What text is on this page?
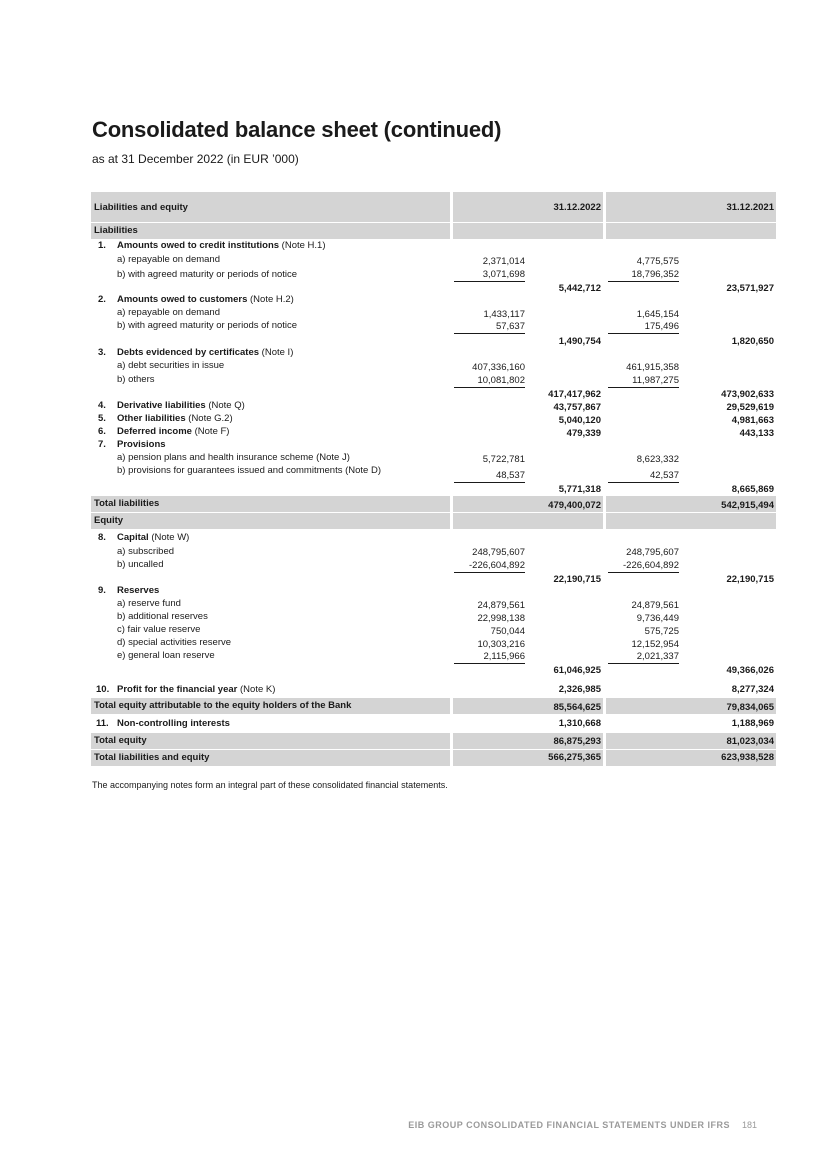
Consolidated balance sheet (continued)

as at 31 December 2022 (in EUR ’000)

Liabilities and equity	31.12.2022	31.12.2021
Liabilities
1. Amounts owed to credit institutions (Note H.1)
a) repayable on demand	2,371,014	4,775,575
b) with agreed maturity or periods of notice	3,071,698	18,796,352
5,442,712	23,571,927
2. Amounts owed to customers (Note H.2)
a) repayable on demand	1,433,117	1,645,154
b) with agreed maturity or periods of notice	57,637	175,496
1,490,754	1,820,650
3. Debts evidenced by certificates (Note I)
a) debt securities in issue	407,336,160	461,915,358
b) others	10,081,802	11,987,275
417,417,962	473,902,633
4. Derivative liabilities (Note Q)	43,757,867	29,529,619
5. Other liabilities (Note G.2)	5,040,120	4,981,663
6. Deferred income (Note F)	479,339	443,133
7. Provisions
a) pension plans and health insurance scheme (Note J)	5,722,781	8,623,332
b) provisions for guarantees issued and commitments (Note D)	48,537	42,537
5,771,318	8,665,869
Total liabilities	479,400,072	542,915,494
Equity
8. Capital (Note W)
a) subscribed	248,795,607	248,795,607
b) uncalled	-226,604,892	-226,604,892
22,190,715	22,190,715
9. Reserves
a) reserve fund	24,879,561	24,879,561
b) additional reserves	22,998,138	9,736,449
c) fair value reserve	750,044	575,725
d) special activities reserve	10,303,216	12,152,954
e) general loan reserve	2,115,966	2,021,337
61,046,925	49,366,026
10. Profit for the financial year (Note K)	2,326,985	8,277,324
Total equity attributable to the equity holders of the Bank	85,564,625	79,834,065
11. Non-controlling interests	1,310,668	1,188,969
Total equity	86,875,293	81,023,034
Total liabilities and equity	566,275,365	623,938,528

The accompanying notes form an integral part of these consolidated financial statements.

EIB GROUP CONSOLIDATED FINANCIAL STATEMENTS UNDER IFRS 181
